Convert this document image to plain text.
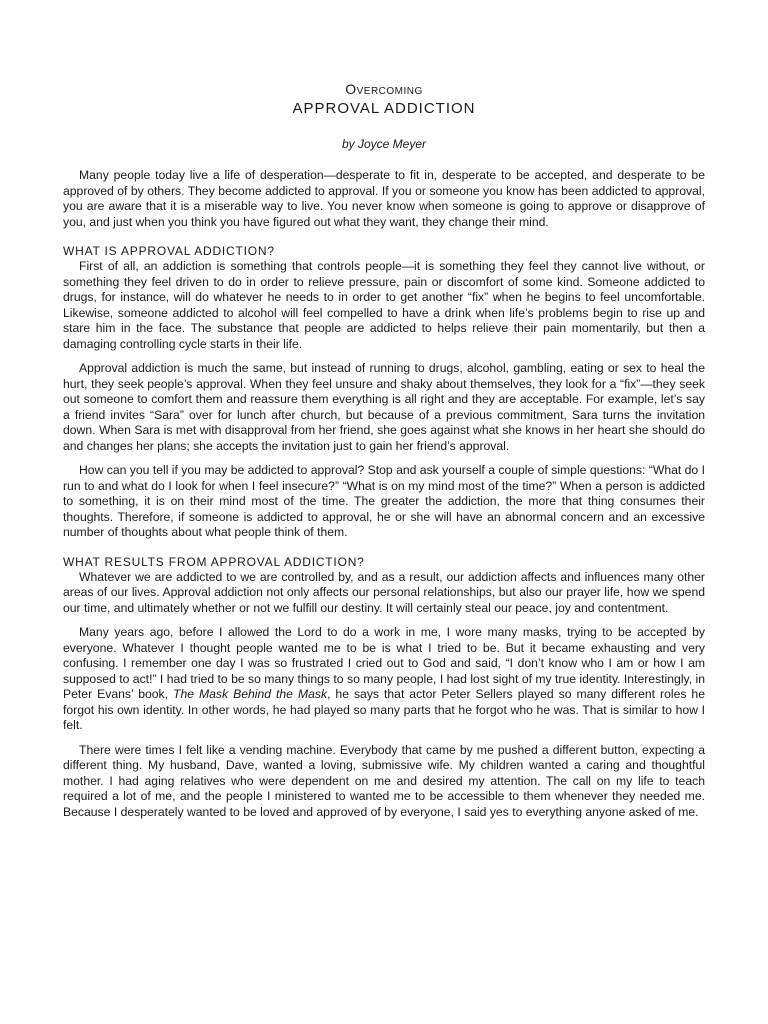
Overcoming
APPROVAL ADDICTION
by Joyce Meyer

Many people today live a life of desperation—desperate to fit in, desperate to be accepted, and desperate to be approved of by others. They become addicted to approval. If you or someone you know has been addicted to approval, you are aware that it is a miserable way to live. You never know when someone is going to approve or disapprove of you, and just when you think you have figured out what they want, they change their mind.

WHAT IS APPROVAL ADDICTION?

First of all, an addiction is something that controls people—it is something they feel they cannot live without, or something they feel driven to do in order to relieve pressure, pain or discomfort of some kind. Someone addicted to drugs, for instance, will do whatever he needs to in order to get another “fix” when he begins to feel uncomfortable. Likewise, someone addicted to alcohol will feel compelled to have a drink when life’s problems begin to rise up and stare him in the face. The substance that people are addicted to helps relieve their pain momentarily, but then a damaging controlling cycle starts in their life.

Approval addiction is much the same, but instead of running to drugs, alcohol, gambling, eating or sex to heal the hurt, they seek people’s approval. When they feel unsure and shaky about themselves, they look for a “fix”—they seek out someone to comfort them and reassure them everything is all right and they are acceptable. For example, let’s say a friend invites “Sara” over for lunch after church, but because of a previous commitment, Sara turns the invitation down. When Sara is met with disapproval from her friend, she goes against what she knows in her heart she should do and changes her plans; she accepts the invitation just to gain her friend’s approval.

How can you tell if you may be addicted to approval? Stop and ask yourself a couple of simple questions: “What do I run to and what do I look for when I feel insecure?” “What is on my mind most of the time?” When a person is addicted to something, it is on their mind most of the time. The greater the addiction, the more that thing consumes their thoughts. Therefore, if someone is addicted to approval, he or she will have an abnormal concern and an excessive number of thoughts about what people think of them.

WHAT RESULTS FROM APPROVAL ADDICTION?

Whatever we are addicted to we are controlled by, and as a result, our addiction affects and influences many other areas of our lives. Approval addiction not only affects our personal relationships, but also our prayer life, how we spend our time, and ultimately whether or not we fulfill our destiny. It will certainly steal our peace, joy and contentment.

Many years ago, before I allowed the Lord to do a work in me, I wore many masks, trying to be accepted by everyone. Whatever I thought people wanted me to be is what I tried to be. But it became exhausting and very confusing. I remember one day I was so frustrated I cried out to God and said, “I don’t know who I am or how I am supposed to act!” I had tried to be so many things to so many people, I had lost sight of my true identity. Interestingly, in Peter Evans’ book, The Mask Behind the Mask, he says that actor Peter Sellers played so many different roles he forgot his own identity. In other words, he had played so many parts that he forgot who he was. That is similar to how I felt.

There were times I felt like a vending machine. Everybody that came by me pushed a different button, expecting a different thing. My husband, Dave, wanted a loving, submissive wife. My children wanted a caring and thoughtful mother. I had aging relatives who were dependent on me and desired my attention. The call on my life to teach required a lot of me, and the people I ministered to wanted me to be accessible to them whenever they needed me. Because I desperately wanted to be loved and approved of by everyone, I said yes to everything anyone asked of me.
